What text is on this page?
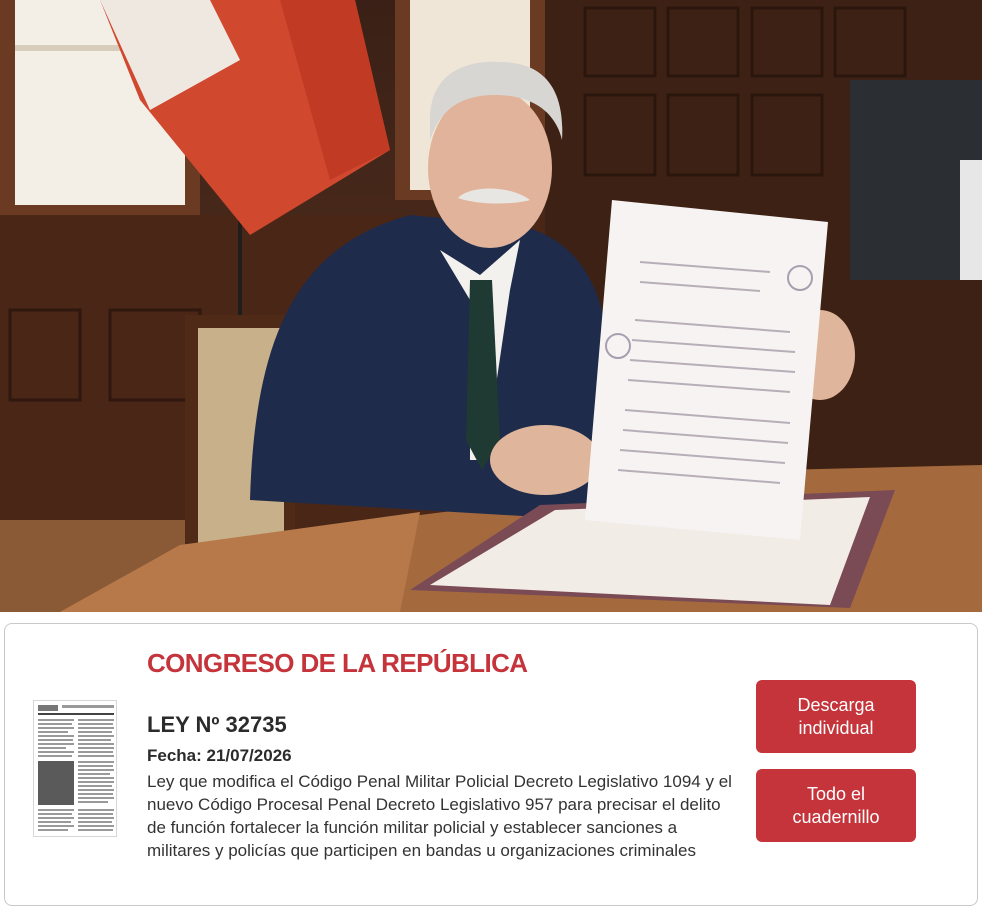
CONGRESO DE LA REPÚBLICA
LEY Nº 32735
Fecha: 21/07/2026
Ley que modifica el Código Penal Militar Policial Decreto Legislativo 1094 y el nuevo Código Procesal Penal Decreto Legislativo 957 para precisar el delito de función fortalecer la función militar policial y establecer sanciones a militares y policías que participen en bandas u organizaciones criminales
Descarga individual
Todo el cuadernillo
